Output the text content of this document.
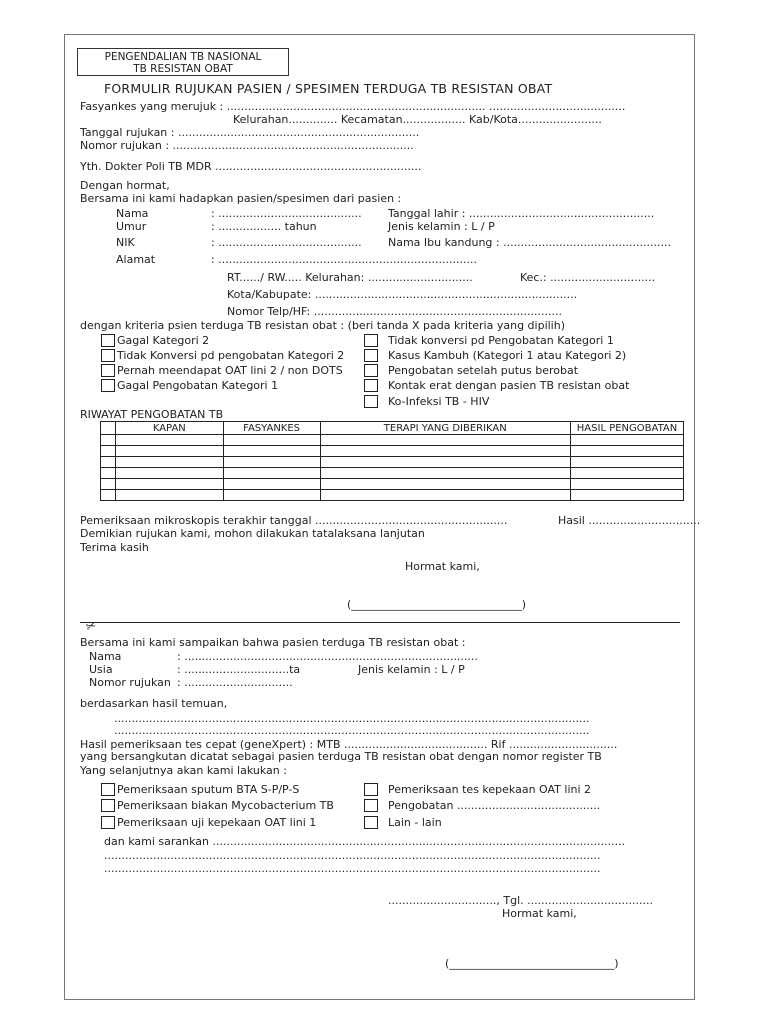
PENGENDALIAN TB NASIONAL
TB RESISTAN OBAT
FORMULIR RUJUKAN PASIEN / SPESIMEN TERDUGA TB RESISTAN OBAT
Fasyankes yang merujuk : .......................................................................... .......................................
Kelurahan.............. Kecamatan.................. Kab/Kota........................
Tanggal rujukan : .....................................................................
Nomor rujukan : .....................................................................
Yth. Dokter Poli TB MDR ...........................................................
Dengan hormat,
Bersama ini kami hadapkan pasien/spesimen dari pasien :
Nama	: ......................................... Tanggal lahir : .....................................................
Umur	: .................. tahun	Jenis kelamin : L / P
NIK	: ......................................... Nama Ibu kandung : ................................................
Alamat	: ..........................................................................
RT....../ RW..... Kelurahan: ..............................	Kec.: ..............................
Kota/Kabupate: ...........................................................................
Nomor Telp/HF: .......................................................................
dengan kriteria psien terduga TB resistan obat : (beri tanda X pada kriteria yang dipilih)
Gagal Kategori 2
Tidak Konversi pd pengobatan Kategori 2
Pernah meendapat OAT lini 2 / non DOTS
Gagal Pengobatan Kategori 1
Tidak konversi pd Pengobatan Kategori 1
Kasus Kambuh (Kategori 1 atau Kategori 2)
Pengobatan setelah putus berobat
Kontak erat dengan pasien TB resistan obat
Ko-Infeksi TB - HIV
RIWAYAT PENGOBATAN TB
	KAPAN	FASYANKES	TERAPI YANG DIBERIKAN	HASIL PENGOBATAN

Pemeriksaan mikroskopis terakhir tanggal .......................................................	Hasil ................................
Demikian rujukan kami, mohon dilakukan tatalaksana lanjutan
Terima kasih
Hormat kami,
(_______________________________)
✂
Bersama ini kami sampaikan bahwa pasien terduga TB resistan obat :
Nama	: ....................................................................................
Usia	: ..............................ta	Jenis kelamin : L / P
Nomor rujukan : ...............................
berdasarkan hasil temuan,
........................................................................................................................................
........................................................................................................................................
Hasil pemeriksaan tes cepat (geneXpert) : MTB ......................................... Rif ...............................
yang bersangkutan dicatat sebagai pasien terduga TB resistan obat dengan nomor register TB
Yang selanjutnya akan kami lakukan :
Pemeriksaan sputum BTA S-P/P-S
Pemeriksaan biakan Mycobacterium TB
Pemeriksaan uji kepekaan OAT lini 1
Pemeriksaan tes kepekaan OAT lini 2
Pengobatan .........................................
Lain - lain
dan kami sarankan ......................................................................................................................
..............................................................................................................................................
..............................................................................................................................................
..............................., Tgl. ....................................
Hormat kami,
(______________________________)
